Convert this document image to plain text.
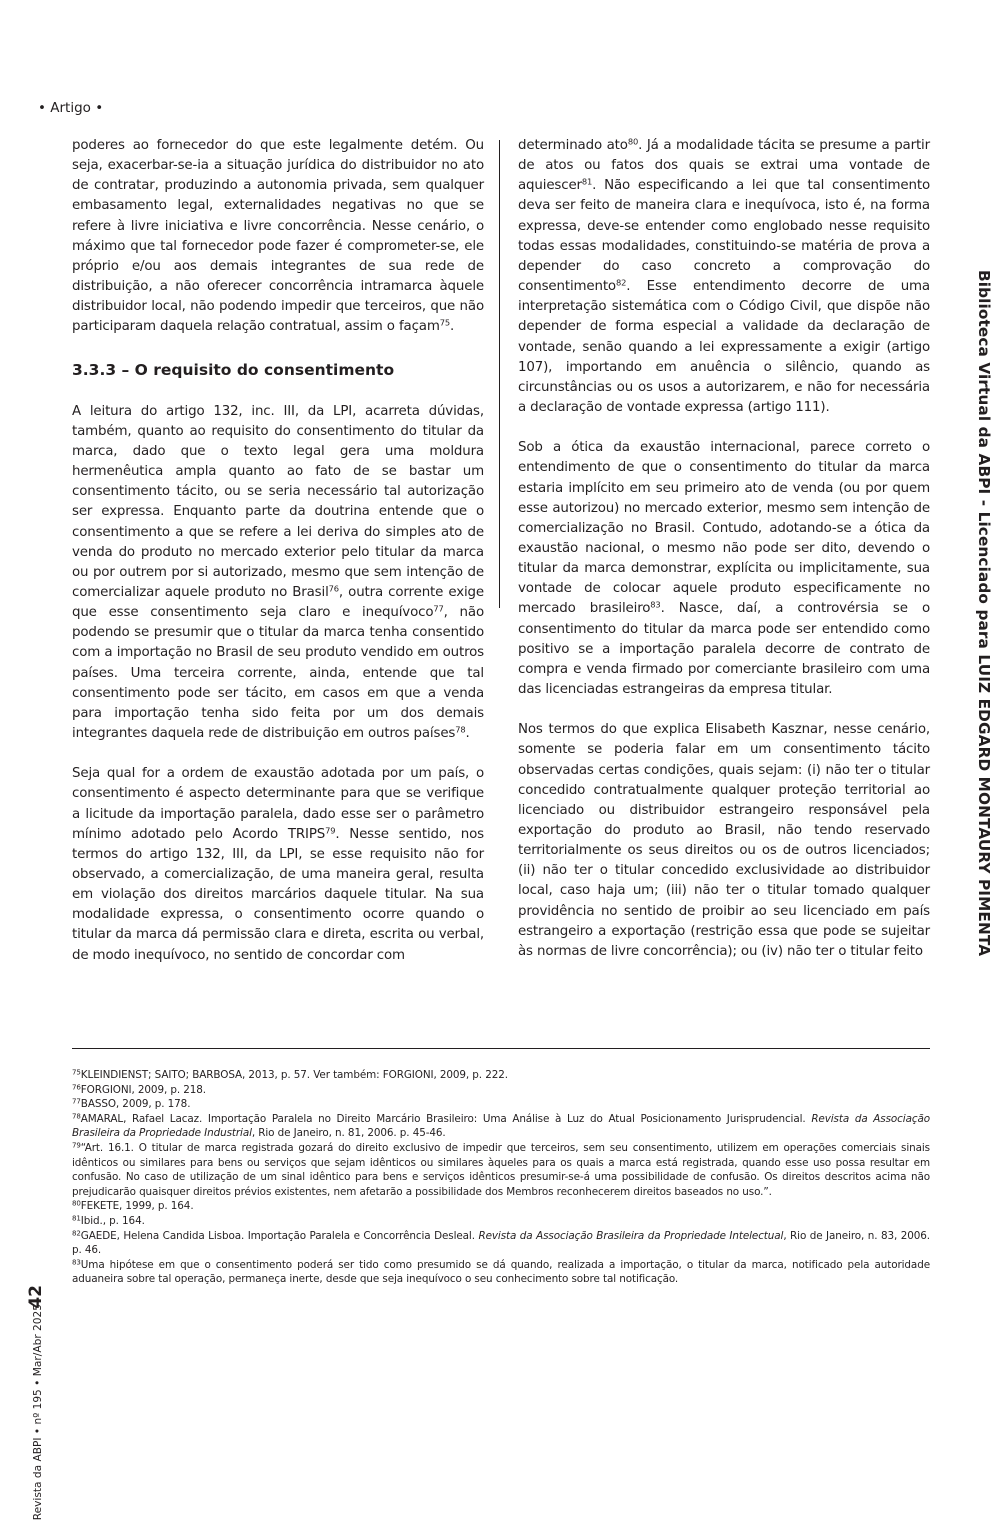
• Artigo •

poderes ao fornecedor do que este legalmente detém. Ou seja, exacerbar-se-ia a situação jurídica do distribuidor no ato de contratar, produzindo a autonomia privada, sem qualquer embasamento legal, externalidades negativas no que se refere à livre iniciativa e livre concorrência. Nesse cenário, o máximo que tal fornecedor pode fazer é comprometer-se, ele próprio e/ou aos demais integrantes de sua rede de distribuição, a não oferecer concorrência intramarca àquele distribuidor local, não podendo impedir que terceiros, que não participaram daquela relação contratual, assim o façam$^{75}$.

3.3.3 – O requisito do consentimento

A leitura do artigo 132, inc. III, da LPI, acarreta dúvidas, também, quanto ao requisito do consentimento do titular da marca, dado que o texto legal gera uma moldura hermenêutica ampla quanto ao fato de se bastar um consentimento tácito, ou se seria necessário tal autorização ser expressa. Enquanto parte da doutrina entende que o consentimento a que se refere a lei deriva do simples ato de venda do produto no mercado exterior pelo titular da marca ou por outrem por si autorizado, mesmo que sem intenção de comercializar aquele produto no Brasil$^{76}$, outra corrente exige que esse consentimento seja claro e inequívoco$^{77}$, não podendo se presumir que o titular da marca tenha consentido com a importação no Brasil de seu produto vendido em outros países. Uma terceira corrente, ainda, entende que tal consentimento pode ser tácito, em casos em que a venda para importação tenha sido feita por um dos demais integrantes daquela rede de distribuição em outros países$^{78}$.

Seja qual for a ordem de exaustão adotada por um país, o consentimento é aspecto determinante para que se verifique a licitude da importação paralela, dado esse ser o parâmetro mínimo adotado pelo Acordo TRIPS$^{79}$. Nesse sentido, nos termos do artigo 132, III, da LPI, se esse requisito não for observado, a comercialização, de uma maneira geral, resulta em violação dos direitos marcários daquele titular. Na sua modalidade expressa, o consentimento ocorre quando o titular da marca dá permissão clara e direta, escrita ou verbal, de modo inequívoco, no sentido de concordar com

determinado ato$^{80}$. Já a modalidade tácita se presume a partir de atos ou fatos dos quais se extrai uma vontade de aquiescer$^{81}$. Não especificando a lei que tal consentimento deva ser feito de maneira clara e inequívoca, isto é, na forma expressa, deve-se entender como englobado nesse requisito todas essas modalidades, constituindo-se matéria de prova a depender do caso concreto a comprovação do consentimento$^{82}$. Esse entendimento decorre de uma interpretação sistemática com o Código Civil, que dispõe não depender de forma especial a validade da declaração de vontade, senão quando a lei expressamente a exigir (artigo 107), importando em anuência o silêncio, quando as circunstâncias ou os usos a autorizarem, e não for necessária a declaração de vontade expressa (artigo 111).

Sob a ótica da exaustão internacional, parece correto o entendimento de que o consentimento do titular da marca estaria implícito em seu primeiro ato de venda (ou por quem esse autorizou) no mercado exterior, mesmo sem intenção de comercialização no Brasil. Contudo, adotando-se a ótica da exaustão nacional, o mesmo não pode ser dito, devendo o titular da marca demonstrar, explícita ou implicitamente, sua vontade de colocar aquele produto especificamente no mercado brasileiro$^{83}$. Nasce, daí, a controvérsia se o consentimento do titular da marca pode ser entendido como positivo se a importação paralela decorre de contrato de compra e venda firmado por comerciante brasileiro com uma das licenciadas estrangeiras da empresa titular.

Nos termos do que explica Elisabeth Kasznar, nesse cenário, somente se poderia falar em um consentimento tácito observadas certas condições, quais sejam: (i) não ter o titular concedido contratualmente qualquer proteção territorial ao licenciado ou distribuidor estrangeiro responsável pela exportação do produto ao Brasil, não tendo reservado territorialmente os seus direitos ou os de outros licenciados; (ii) não ter o titular concedido exclusividade ao distribuidor local, caso haja um; (iii) não ter o titular tomado qualquer providência no sentido de proibir ao seu licenciado em país estrangeiro a exportação (restrição essa que pode se sujeitar às normas de livre concorrência); ou (iv) não ter o titular feito	Biblioteca Virtual da ABPI - Licenciado para LUIZ EDGARD MONTAURY PIMENTA

$^{75}$KLEINDIENST; SAITO; BARBOSA, 2013, p. 57. Ver também: FORGIONI, 2009, p. 222.

$^{76}$FORGIONI, 2009, p. 218.

$^{77}$BASSO, 2009, p. 178.

$^{78}$AMARAL, Rafael Lacaz. Importação Paralela no Direito Marcário Brasileiro: Uma Análise à Luz do Atual Posicionamento Jurisprudencial. Revista da Associação Brasileira da Propriedade Industrial, Rio de Janeiro, n. 81, 2006. p. 45-46.

$^{79}$“Art. 16.1. O titular de marca registrada gozará do direito exclusivo de impedir que terceiros, sem seu consentimento, utilizem em operações comerciais sinais idênticos ou similares para bens ou serviços que sejam idênticos ou similares àqueles para os quais a marca está registrada, quando esse uso possa resultar em confusão. No caso de utilização de um sinal idêntico para bens e serviços idênticos presumir-se-á uma possibilidade de confusão. Os direitos descritos acima não prejudicarão quaisquer direitos prévios existentes, nem afetarão a possibilidade dos Membros reconhecerem direitos baseados no uso.”.

$^{80}$FEKETE, 1999, p. 164.

$^{81}$Ibid., p. 164.

$^{82}$GAEDE, Helena Candida Lisboa. Importação Paralela e Concorrência Desleal. Revista da Associação Brasileira da Propriedade Intelectual, Rio de Janeiro, n. 83, 2006. p. 46.

$^{83}$Uma hipótese em que o consentimento poderá ser tido como presumido se dá quando, realizada a importação, o titular da marca, notificado pela autoridade aduaneira sobre tal operação, permaneça inerte, desde que seja inequívoco o seu conhecimento sobre tal notificação.

42

Revista da ABPI • nº 195 • Mar/Abr 2025
